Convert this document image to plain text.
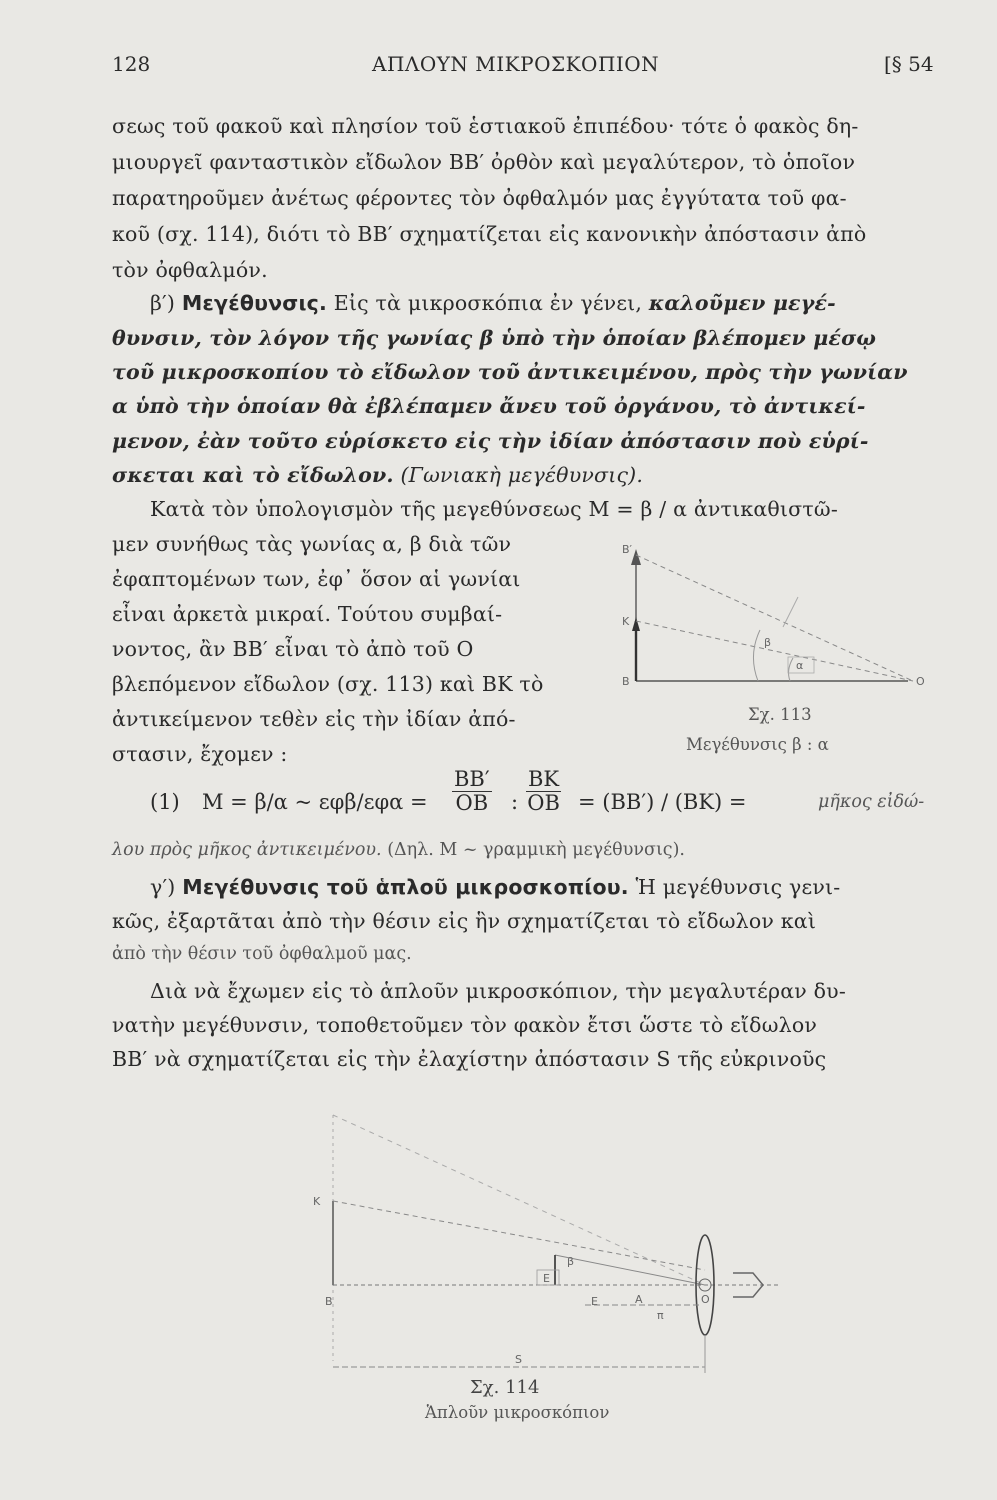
128	ΑΠΛΟΥΝ ΜΙΚΡΟΣΚΟΠΙΟΝ	[§ 54
σεως τοῦ φακοῦ καὶ πλησίον τοῦ ἑστιακοῦ ἐπιπέδου· τότε ὁ φακὸς δη-
μιουργεῖ φανταστικὸν εἴδωλον ΒΒ′ ὀρθὸν καὶ μεγαλύτερον, τὸ ὁποῖον
παρατηροῦμεν ἀνέτως φέροντες τὸν ὀφθαλμόν μας ἐγγύτατα τοῦ φα-
κοῦ (σχ. 114), διότι τὸ ΒΒ′ σχηματίζεται εἰς κανονικὴν ἀπόστασιν ἀπὸ
τὸν ὀφθαλμόν.
β′) Μεγέθυνσις. Εἰς τὰ μικροσκόπια ἐν γένει, καλοῦμεν μεγέ-
θυνσιν, τὸν λόγον τῆς γωνίας β ὑπὸ τὴν ὁποίαν βλέπομεν μέσῳ
τοῦ μικροσκοπίου τὸ εἴδωλον τοῦ ἀντικειμένου, πρὸς τὴν γωνίαν
α ὑπὸ τὴν ὁποίαν θὰ ἐβλέπαμεν ἄνευ τοῦ ὀργάνου, τὸ ἀντικεί-
μενον, ἐὰν τοῦτο εὑρίσκετο εἰς τὴν ἰδίαν ἀπόστασιν ποὺ εὑρί-
σκεται καὶ τὸ εἴδωλον. (Γωνιακὴ μεγέθυνσις).
Κατὰ τὸν ὑπολογισμὸν τῆς μεγεθύνσεως Μ = β / α ἀντικαθιστῶ-
μεν συνήθως τὰς γωνίας α, β διὰ τῶν
ἐφαπτομένων των, ἐφ᾽ ὅσον αἱ γωνίαι
εἶναι ἀρκετὰ μικραί. Τούτου συμβαί-
νοντος, ἂν ΒΒ′ εἶναι τὸ ἀπὸ τοῦ Ο
βλεπόμενον εἴδωλον (σχ. 113) καὶ ΒΚ τὸ
ἀντικείμενον τεθὲν εἰς τὴν ἰδίαν ἀπό-
στασιν, ἔχομεν :
Β′
Κ
Β	Ο
β
α
Σχ. 113
Μεγέθυνσις β : α
(1) Μ = β/α ~ $\varepsilon\varphi\beta/\varepsilon\varphi\alpha = \frac{BB'}{OB}$ : $\frac{BK}{OB} = (BB') / (BK)$ =	μῆκος εἰδώ-
λου πρὸς μῆκος ἀντικειμένου. (Δηλ. Μ ~ γραμμικὴ μεγέθυνσις).
γ′) Μεγέθυνσις τοῦ ἁπλοῦ μικροσκοπίου. Ἡ μεγέθυνσις γενι-
κῶς, ἐξαρτᾶται ἀπὸ τὴν θέσιν εἰς ἣν σχηματίζεται τὸ εἴδωλον καὶ
ἀπὸ τὴν θέσιν τοῦ ὀφθαλμοῦ μας.
Διὰ νὰ ἔχωμεν εἰς τὸ ἁπλοῦν μικροσκόπιον, τὴν μεγαλυτέραν δυ-
νατὴν μεγέθυνσιν, τοποθετοῦμεν τὸν φακὸν ἔτσι ὥστε τὸ εἴδωλον
ΒΒ′ νὰ σχηματίζεται εἰς τὴν ἐλαχίστην ἀπόστασιν S τῆς εὐκρινοῦς
Κ
Β
β
Ε
Ε	Α	Ο
π
S
Σχ. 114
Ἁπλοῦν μικροσκόπιον
